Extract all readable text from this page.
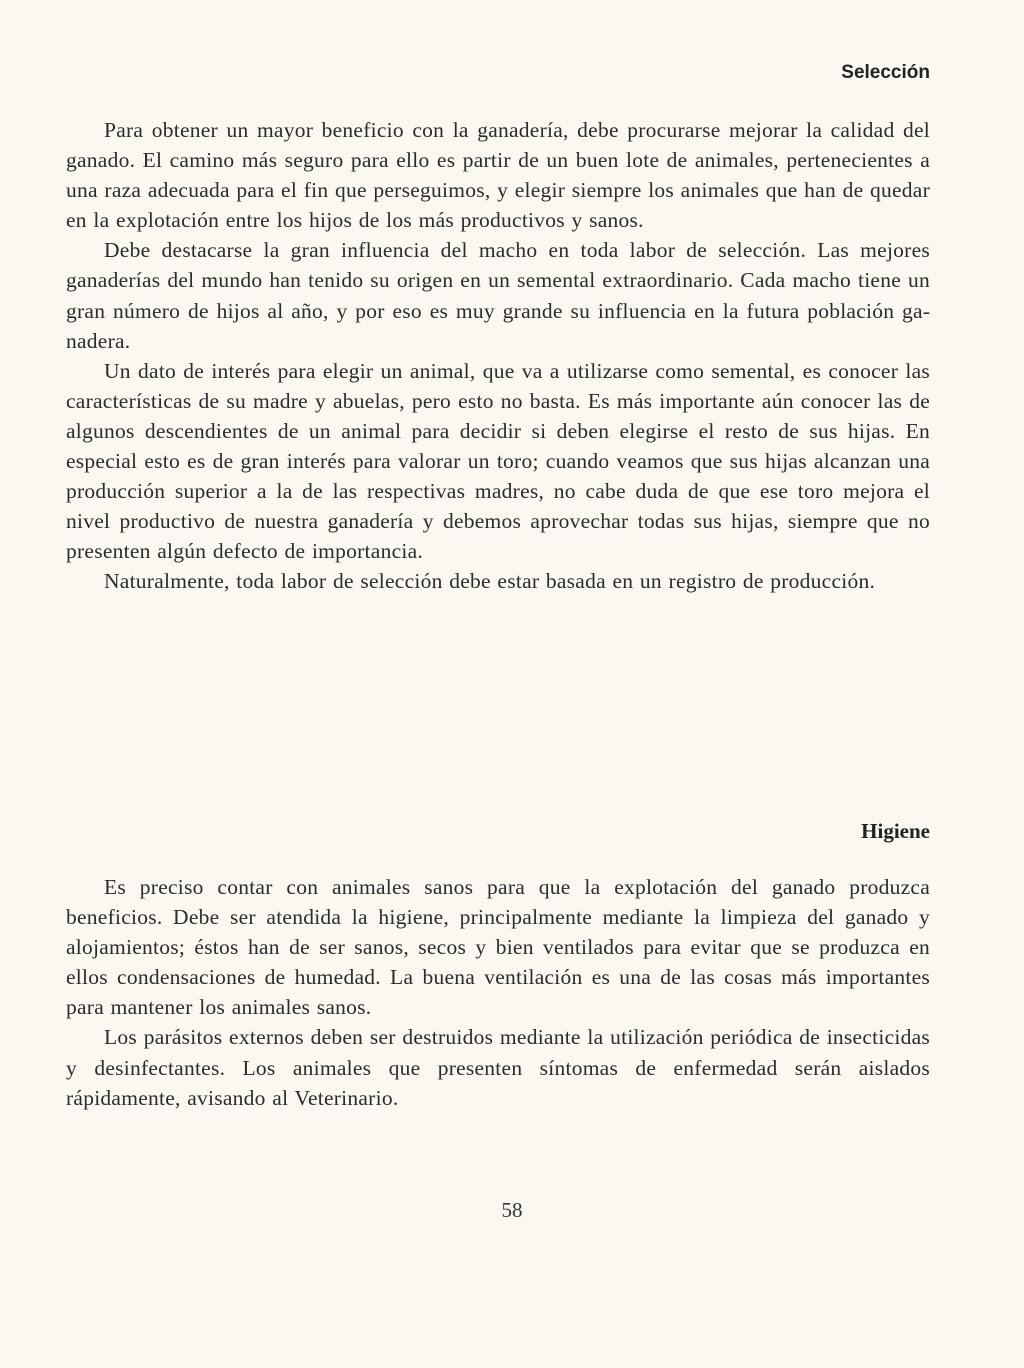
Selección

Para obtener un mayor beneficio con la ganadería, debe procurarse mejorar la calidad del ganado. El camino más seguro para ello es partir de un buen lote de animales, pertenecientes a una raza adecuada para el fin que perseguimos, y elegir siempre los animales que han de quedar en la explotación entre los hijos de los más productivos y sanos.

Debe destacarse la gran influencia del macho en toda labor de selección. Las mejores ganaderías del mundo han tenido su origen en un semental extraordinario. Cada macho tiene un gran número de hijos al año, y por eso es muy grande su influencia en la futura población ganadera.

Un dato de interés para elegir un animal, que va a utilizarse como semental, es conocer las características de su madre y abuelas, pero esto no basta. Es más importante aún conocer las de algunos descendientes de un animal para decidir si deben elegirse el resto de sus hijas. En especial esto es de gran interés para valorar un toro; cuando veamos que sus hijas alcanzan una producción superior a la de las respectivas madres, no cabe duda de que ese toro mejora el nivel productivo de nuestra ganadería y debemos aprovechar todas sus hijas, siempre que no presenten algún defecto de importancia.

Naturalmente, toda labor de selección debe estar basada en un registro de producción.

Higiene

Es preciso contar con animales sanos para que la explotación del ganado produzca beneficios. Debe ser atendida la higiene, principalmente mediante la limpieza del ganado y alojamientos; éstos han de ser sanos, secos y bien ventilados para evitar que se produzca en ellos condensaciones de humedad. La buena ventilación es una de las cosas más importantes para mantener los animales sanos.

Los parásitos externos deben ser destruidos mediante la utilización periódica de insecticidas y desinfectantes. Los animales que presenten síntomas de enfermedad serán aislados rápidamente, avisando al Veterinario.

58
